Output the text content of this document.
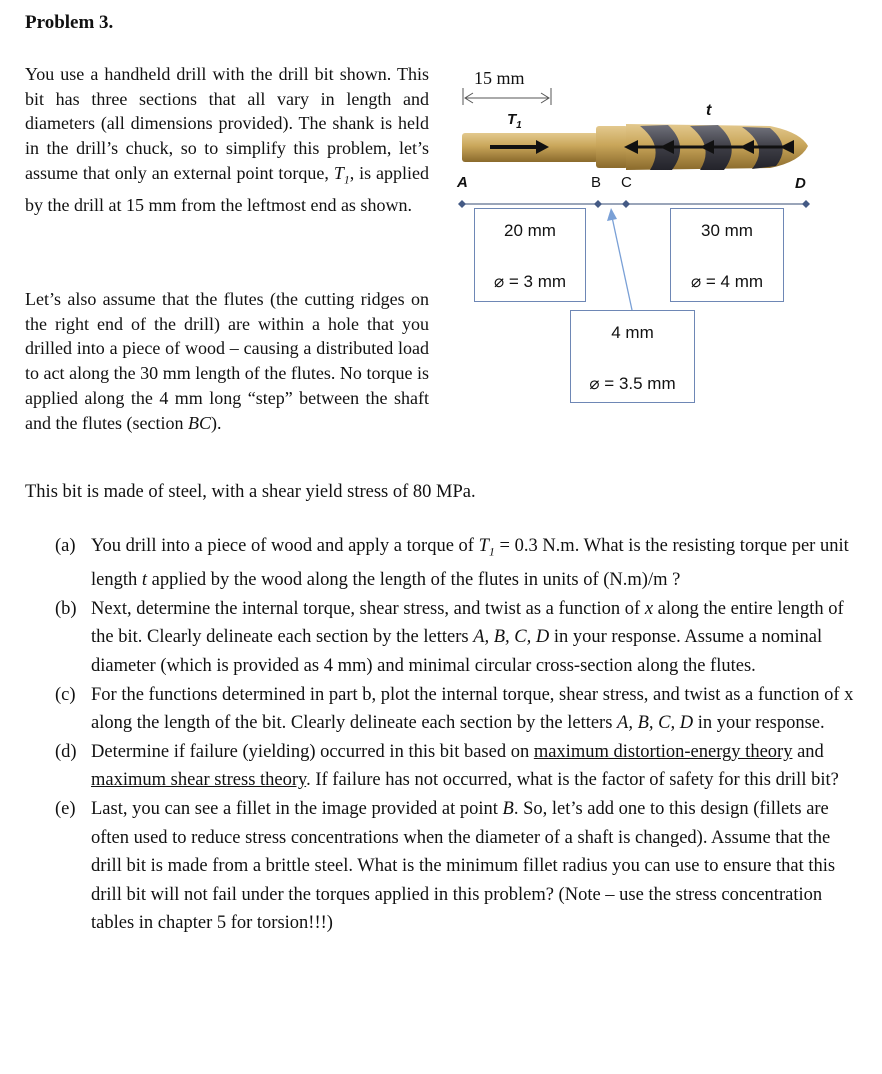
Problem 3.
You use a handheld drill with the drill bit shown. This bit has three sections that all vary in length and diameters (all dimensions provided). The shank is held in the drill’s chuck, so to simplify this problem, let’s assume that only an external point torque, $T_1$, is applied by the drill at 15 mm from the leftmost end as shown.
Let’s also assume that the flutes (the cutting ridges on the right end of the drill) are within a hole that you drilled into a piece of wood – causing a distributed load to act along the 30 mm length of the flutes. No torque is applied along the 4 mm long “step” between the shaft and the flutes (section BC).
15 mm
$T_1$
t
A	B C	D
20 mm
⌀ = 3 mm
4 mm
⌀ = 3.5 mm
30 mm
⌀ = 4 mm
This bit is made of steel, with a shear yield stress of 80 MPa.
(a) You drill into a piece of wood and apply a torque of $T_1 = 0.3$ N.m. What is the resisting torque per unit length t applied by the wood along the length of the flutes in units of (N.m)/m ?
(b) Next, determine the internal torque, shear stress, and twist as a function of x along the entire length of the bit. Clearly delineate each section by the letters A, B, C, D in your response. Assume a nominal diameter (which is provided as 4 mm) and minimal circular cross-section along the flutes.
(c) For the functions determined in part b, plot the internal torque, shear stress, and twist as a function of x along the length of the bit. Clearly delineate each section by the letters A, B, C, D in your response.
(d) Determine if failure (yielding) occurred in this bit based on maximum distortion-energy theory and maximum shear stress theory. If failure has not occurred, what is the factor of safety for this drill bit?
(e) Last, you can see a fillet in the image provided at point B. So, let’s add one to this design (fillets are often used to reduce stress concentrations when the diameter of a shaft is changed). Assume that the drill bit is made from a brittle steel. What is the minimum fillet radius you can use to ensure that this drill bit will not fail under the torques applied in this problem? (Note – use the stress concentration tables in chapter 5 for torsion!!!)
